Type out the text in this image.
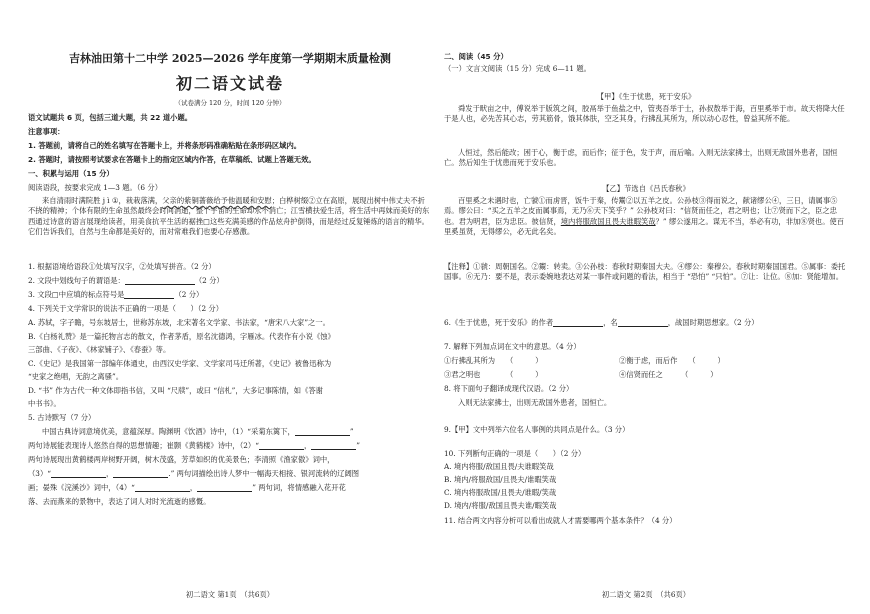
吉林油田第十二中学 2025—2026 学年度第一学期期末质量检测
初二语文试卷
（试卷满分 120 分，时间 120 分钟）
语文试题共 6 页，包括三道大题，共 22 道小题。
注意事项：
1. 答题前，请将自己的姓名填写在答题卡上，并将条形码准确粘贴在条形码区域内。
2. 答题时，请按照考试要求在答题卡上的指定区域内作答，在草稿纸、试题上答题无效。
一、积累与运用（15 分）
阅读语段，按要求完成 1—3 题。（6 分）
来自清雨时满院胜 j ì ①，栽栽落满，父亲的紫铜蔷薇给予他温暖和安慰；白桦树缀②立在高原，展现出树中伟丈夫不折不挠的精神；个体有限的生命虽然最终会时间消逝，整个宇宙的生命却永不消亡；江雪横扶爱生活，将生活中再妹而美好的东西通过诗意的语言展现给读者，用美食抗平生活的裾挫□这些充满美感的作品炫舟护倒得，而是经过反复锤炼的语言的精华。它们告诉我们，自然与生命都是美好的，而对常难我们也要心存感激。
1. 根据语境给语段①处填写汉字，②处填写拼音。（2 分）
2. 文段中划线句子的谓语是：	（2 分）
3. 文段□中应填的标点符号是	（2 分）
4. 下列关于文学常识的说法不正确的一项是（　　）（2 分）
A. 苏轼，字子瞻，号东坡居士，世称苏东坡，北宋著名文学家、书法家，“唐宋八大家”之一。
B.《白杨礼赞》是一篇托物言志的散文，作者茅盾，原名沈德鸿，字雁冰。代表作有小说《蚀》
三部曲、《子夜》、《林家铺子》、《春蚕》等。
C.《史记》是我国第一部编年体通史，由西汉史学家、文学家司马迁所著，《史记》被鲁迅称为
“史家之绝唱，无韵之离骚”。
D. “书” 作为古代一种文体即指书信，又叫 “尺牍”，或曰 “信札”，大多记事陈情，如《答谢
中书书》。
5. 古诗默写（7 分）
中国古典诗词意境优美，意蕴深厚。陶渊明《饮酒》诗中，（1）“采菊东篱下，	”
两句诗展能表现诗人悠然自得的思想情趣；崔颢《黄鹤楼》诗中，（2）“	，	”
两句诗展现出黄鹤楼两岸树野开阔，树木茂盛，芳草如织的优美景色；李清照《渔家傲》词中，
（3）“	，	.” 两句词描绘出诗人梦中一幅海天相接、银河流转的辽阔图
画；晏殊《浣溪沙》词中，（4）“	，	” 两句词，将情感融入花开花
落、去而燕来的景物中，表达了词人对时光流逝的感慨。
初二语文 第1页　（共6页）
二、阅读（45 分）
（一）文言文阅读（15 分）完成 6—11 题。
【甲】《生于忧患，死于安乐》
舜发于畎亩之中，傅说举于版筑之间，胶鬲举于鱼盐之中，管夷吾举于士，孙叔敖举于海，百里奚举于市。故天将降大任于是人也，必先苦其心志，劳其筋骨，饿其体肤，空乏其身，行拂乱其所为，所以动心忍性，曾益其所不能。
人恒过，然后能改；困于心，衡于虑，而后作；征于色，发于声，而后喻。入则无法家拂士，出则无敌国外患者，国恒亡。然后知生于忧患而死于安乐也。
【乙】节选自《吕氏春秋》
百里奚之未遇时也，亡虢①而虏晋，饭牛于秦，传鬻②以五羊之皮。公孙枝③得而说之，献诸缪公④，三日，请属事⑤焉。缪公曰：“买之五羊之皮而属事焉，无乃⑥天下笑乎？” 公孙枝对曰：“信贤而任之，君之明也；让⑦贤而下之，臣之忠也。君为明君，臣为忠臣。彼信贤，境内将服敌国且畏夫谁暇笑哉？” 缪公遂用之。谋无不当，举必有功，非加⑧贤也。使百里奚虽贤，无得缪公，必无此名矣。
【注释】①虢：周朝国名。②鬻：转卖。③公孙枝：春秋时期秦国大夫。④缪公：秦穆公。春秋时期秦国国君。⑤属事：委托国事。⑥无乃：要不是，表示委婉地表达对某一事件或问题的看法，相当于 “恐怕” “只怕”。⑦让：让位。⑧加：贤能增加。
6.《生于忧患，死于安乐》的作者	，名	，战国时期思想家。（2 分）
7. 解释下列加点词在文中的意思。（4 分）
①行拂乱其所为　　（　　　）	②衡于虑，而后作　　（　　　）
③君之明也　　　　（　　　）	④信贤而任之　　　（　　　）
8. 将下面句子翻译成现代汉语。（2 分）
入则无法家拂士，出则无敌国外患者，国恒亡。
9.【甲】文中列举六位名人事例的共同点是什么。（3 分）
10. 下列断句正确的一项是（　　）（2 分）
A. 境内将服/敌国且畏/夫谁暇笑哉
B. 境内/将服敌国/且畏夫/谁暇笑哉
C. 境内将服敌国/且畏夫/谁暇/笑哉
D. 境内/将服/敌国且畏夫谁/暇笑哉
11. 结合两文内容分析可以看出成就人才需要哪两个基本条件？（4 分）
初二语文 第2页　（共6页）
